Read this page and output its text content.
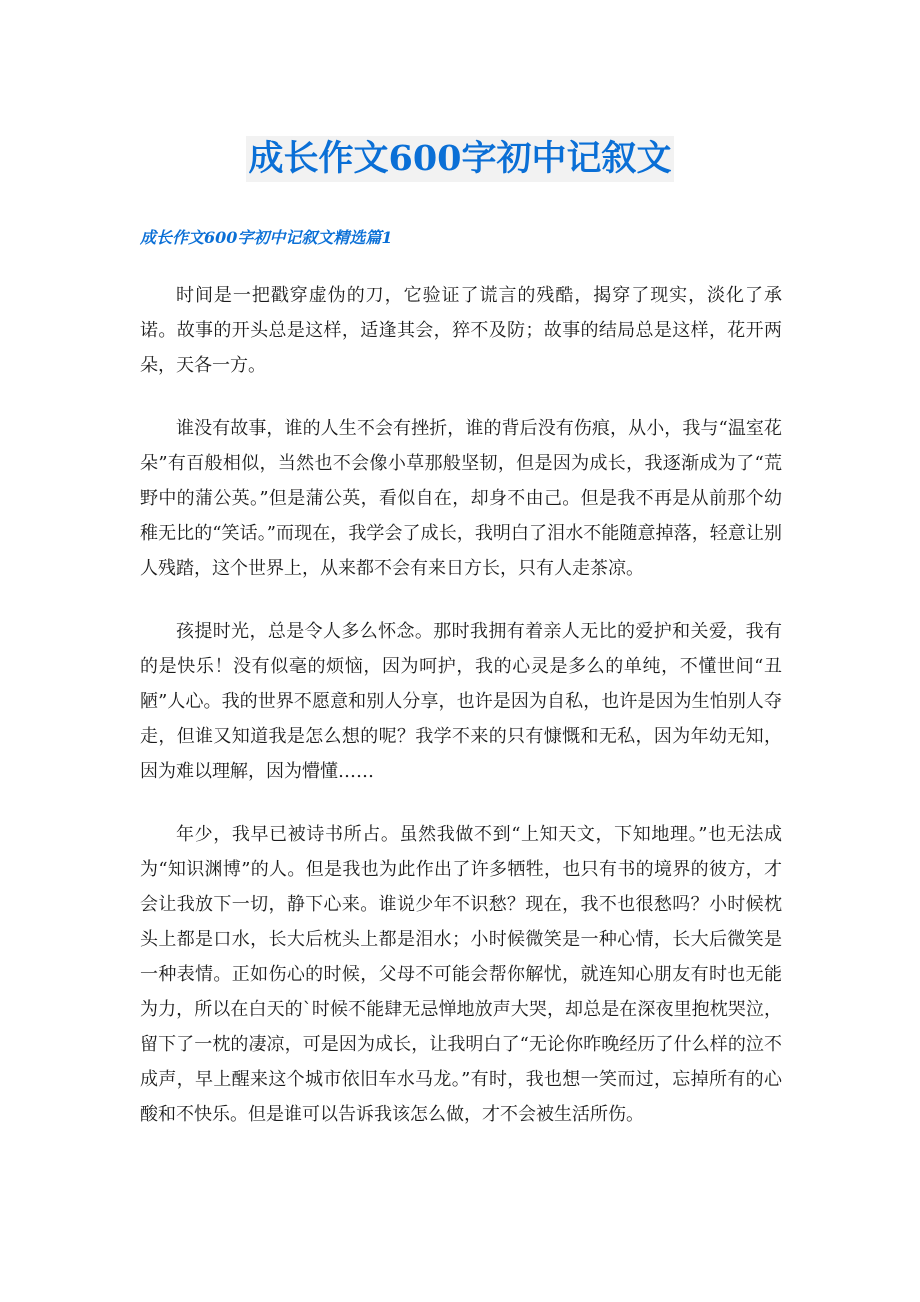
成长作文600字初中记叙文
成长作文600字初中记叙文精选篇1

时间是一把戳穿虚伪的刀，它验证了谎言的残酷，揭穿了现实，淡化了承诺。故事的开头总是这样，适逢其会，猝不及防；故事的结局总是这样，花开两朵，天各一方。

谁没有故事，谁的人生不会有挫折，谁的背后没有伤痕，从小，我与“温室花朵”有百般相似，当然也不会像小草那般坚韧，但是因为成长，我逐渐成为了“荒野中的蒲公英。”但是蒲公英，看似自在，却身不由己。但是我不再是从前那个幼稚无比的“笑话。”而现在，我学会了成长，我明白了泪水不能随意掉落，轻意让别人残踏，这个世界上，从来都不会有来日方长，只有人走茶凉。

孩提时光，总是令人多么怀念。那时我拥有着亲人无比的爱护和关爱，我有的是快乐！没有似毫的烦恼，因为呵护，我的心灵是多么的单纯，不懂世间“丑陋”人心。我的世界不愿意和别人分享，也许是因为自私，也许是因为生怕别人夺走，但谁又知道我是怎么想的呢？我学不来的只有慷慨和无私，因为年幼无知，因为难以理解，因为懵懂……

年少，我早已被诗书所占。虽然我做不到“上知天文，下知地理。”也无法成为“知识渊博”的人。但是我也为此作出了许多牺牲，也只有书的境界的彼方，才会让我放下一切，静下心来。谁说少年不识愁？现在，我不也很愁吗？小时候枕头上都是口水，长大后枕头上都是泪水；小时候微笑是一种心情，长大后微笑是一种表情。正如伤心的时候，父母不可能会帮你解忧，就连知心朋友有时也无能为力，所以在白天的`时候不能肆无忌惮地放声大哭，却总是在深夜里抱枕哭泣，留下了一枕的凄凉，可是因为成长，让我明白了“无论你昨晚经历了什么样的泣不成声，早上醒来这个城市依旧车水马龙。”有时，我也想一笑而过，忘掉所有的心酸和不快乐。但是谁可以告诉我该怎么做，才不会被生活所伤。
